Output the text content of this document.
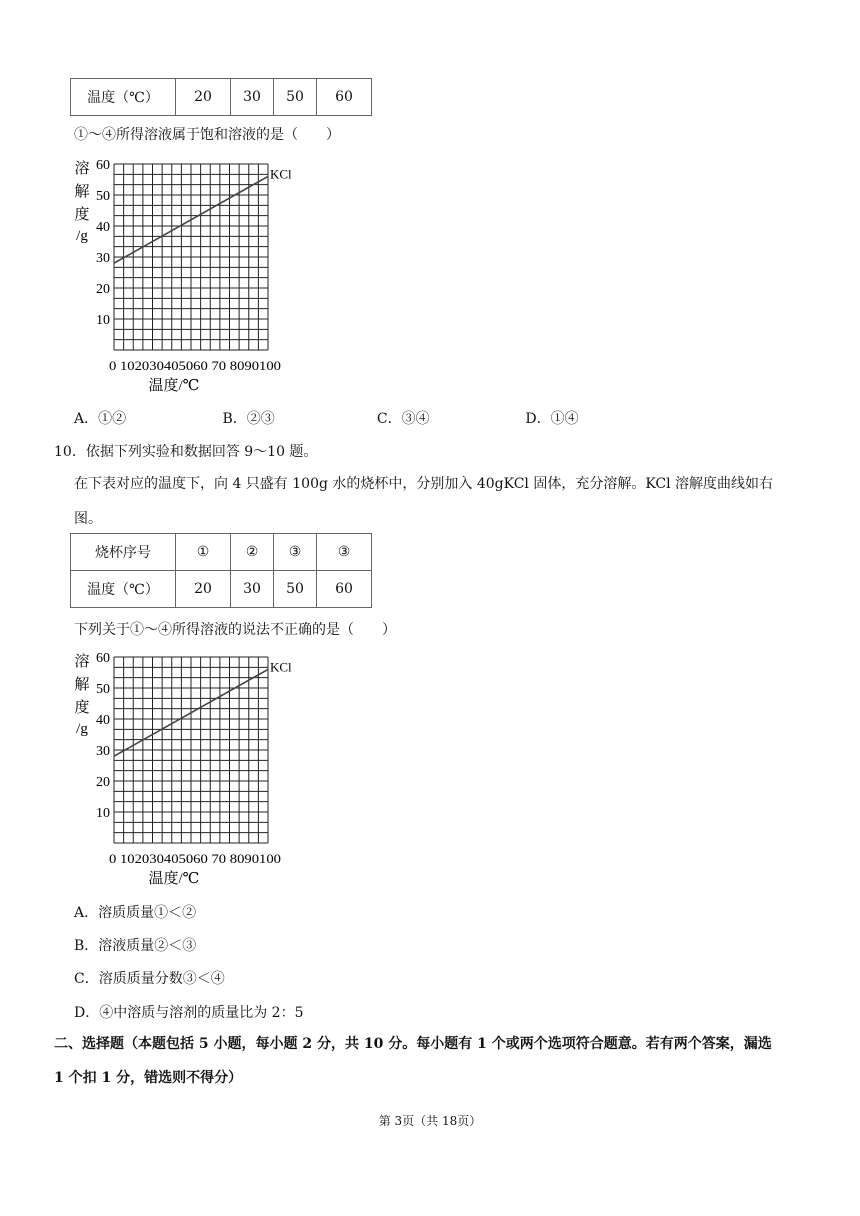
温度（℃）	20	30	50	60
①～④所得溶液属于饱和溶液的是（　　）
KCl
10
20
30
40
50
60
溶
解
度
/g
0 102030405060 70 8090100
温度/℃
A．①②	B．②③	C．③④	D．①④
10．依据下列实验和数据回答 9～10 题。
在下表对应的温度下，向 4 只盛有 100g 水的烧杯中，分别加入 40gKCl 固体，充分溶解。KCl 溶解度曲线如右
图。
烧杯序号	①	②	③	③
温度（℃）	20	30	50	60
下列关于①～④所得溶液的说法不正确的是（　　）
KCl
10
20
30
40
50
60
溶
解
度
/g
0 102030405060 70 8090100
温度/℃
A．溶质质量①＜②
B．溶液质量②＜③
C．溶质质量分数③＜④
D．④中溶质与溶剂的质量比为 2：5
二、选择题（本题包括 5 小题，每小题 2 分，共 10 分。每小题有 1 个或两个选项符合题意。若有两个答案，漏选
1 个扣 1 分，错选则不得分）
第 3页（共 18页）
